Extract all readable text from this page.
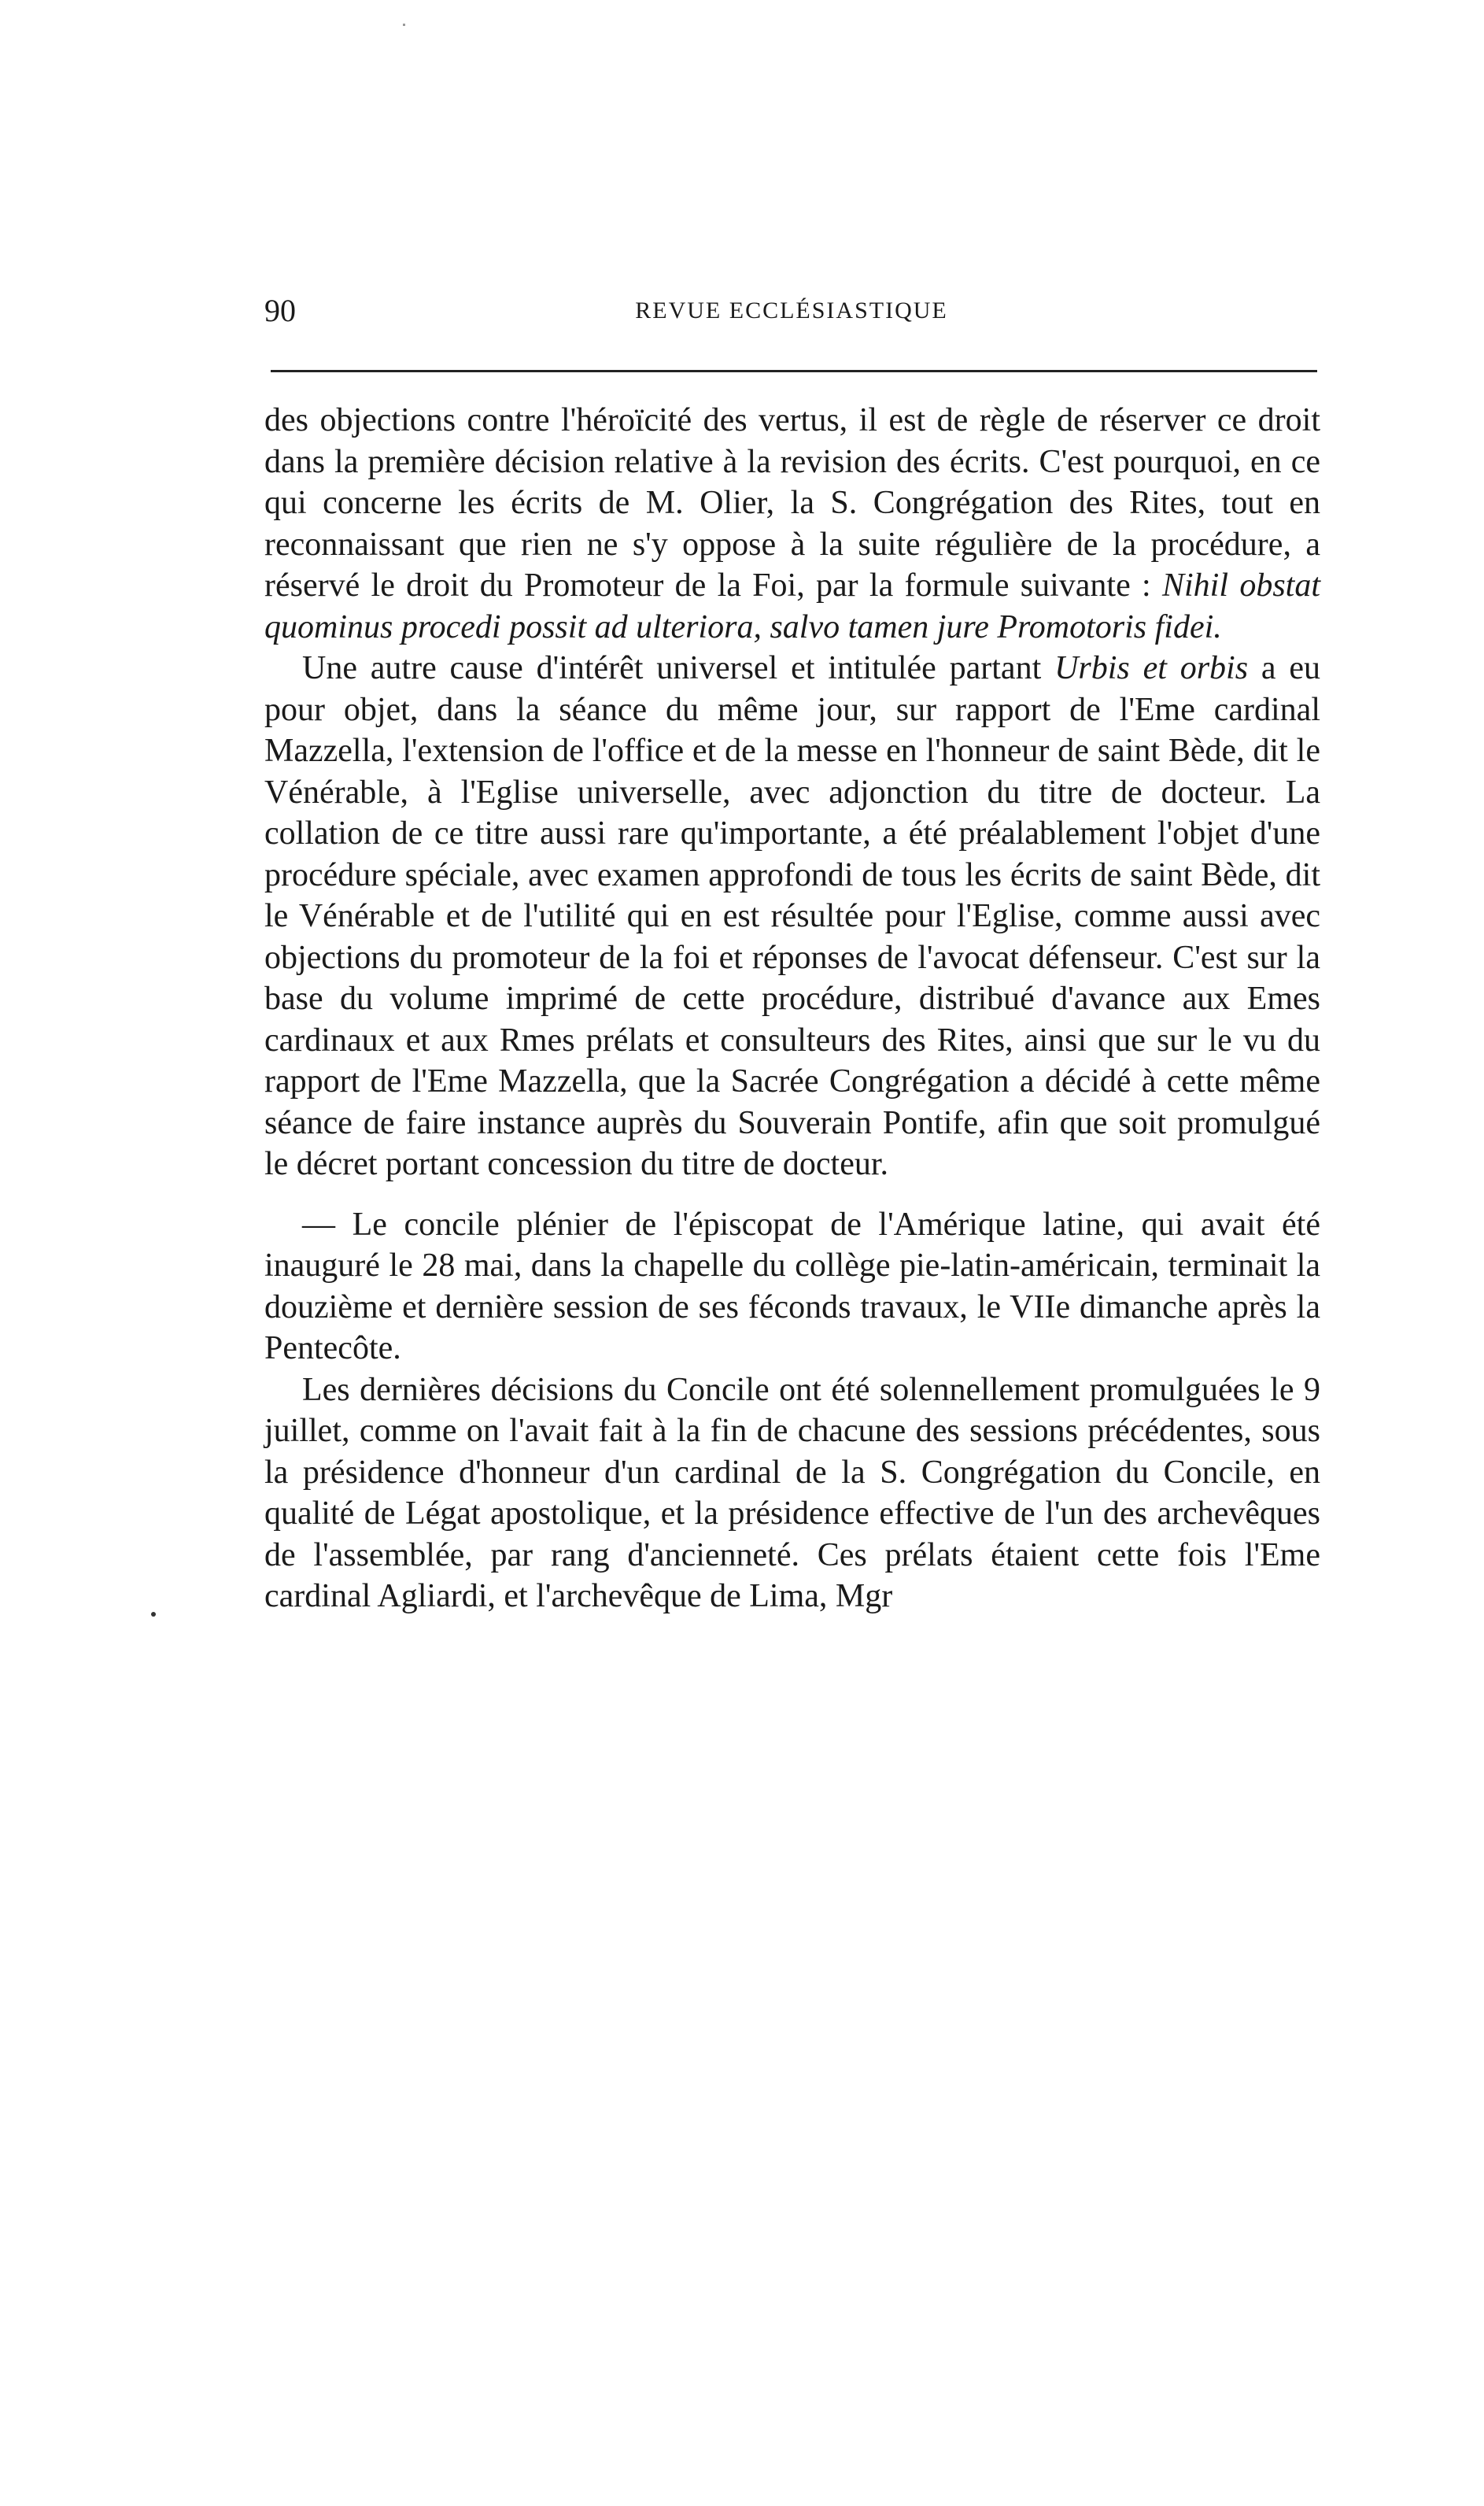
90	REVUE ECCLÉSIASTIQUE

des objections contre l'héroïcité des vertus, il est de règle de réserver ce droit dans la première décision relative à la revision des écrits. C'est pourquoi, en ce qui concerne les écrits de M. Olier, la S. Congrégation des Rites, tout en reconnaissant que rien ne s'y oppose à la suite régulière de la procédure, a réservé le droit du Promoteur de la Foi, par la formule suivante : Nihil obstat quominus procedi possit ad ulteriora, salvo tamen jure Promotoris fidei.

Une autre cause d'intérêt universel et intitulée partant Urbis et orbis a eu pour objet, dans la séance du même jour, sur rapport de l'Eme cardinal Mazzella, l'extension de l'office et de la messe en l'honneur de saint Bède, dit le Vénérable, à l'Eglise universelle, avec adjonction du titre de docteur. La collation de ce titre aussi rare qu'importante, a été préalablement l'objet d'une procédure spéciale, avec examen approfondi de tous les écrits de saint Bède, dit le Vénérable et de l'utilité qui en est résultée pour l'Eglise, comme aussi avec objections du promoteur de la foi et réponses de l'avocat défenseur. C'est sur la base du volume imprimé de cette procédure, distribué d'avance aux Emes cardinaux et aux Rmes prélats et consulteurs des Rites, ainsi que sur le vu du rapport de l'Eme Mazzella, que la Sacrée Congrégation a décidé à cette même séance de faire instance auprès du Souverain Pontife, afin que soit promulgué le décret portant concession du titre de docteur.

— Le concile plénier de l'épiscopat de l'Amérique latine, qui avait été inauguré le 28 mai, dans la chapelle du collège pie-latin-américain, terminait la douzième et dernière session de ses féconds travaux, le VIIe dimanche après la Pentecôte.

Les dernières décisions du Concile ont été solennellement promulguées le 9 juillet, comme on l'avait fait à la fin de chacune des sessions précédentes, sous la présidence d'honneur d'un cardinal de la S. Congrégation du Concile, en qualité de Légat apostolique, et la présidence effective de l'un des archevêques de l'assemblée, par rang d'ancienneté. Ces prélats étaient cette fois l'Eme cardinal Agliardi, et l'archevêque de Lima, Mgr
